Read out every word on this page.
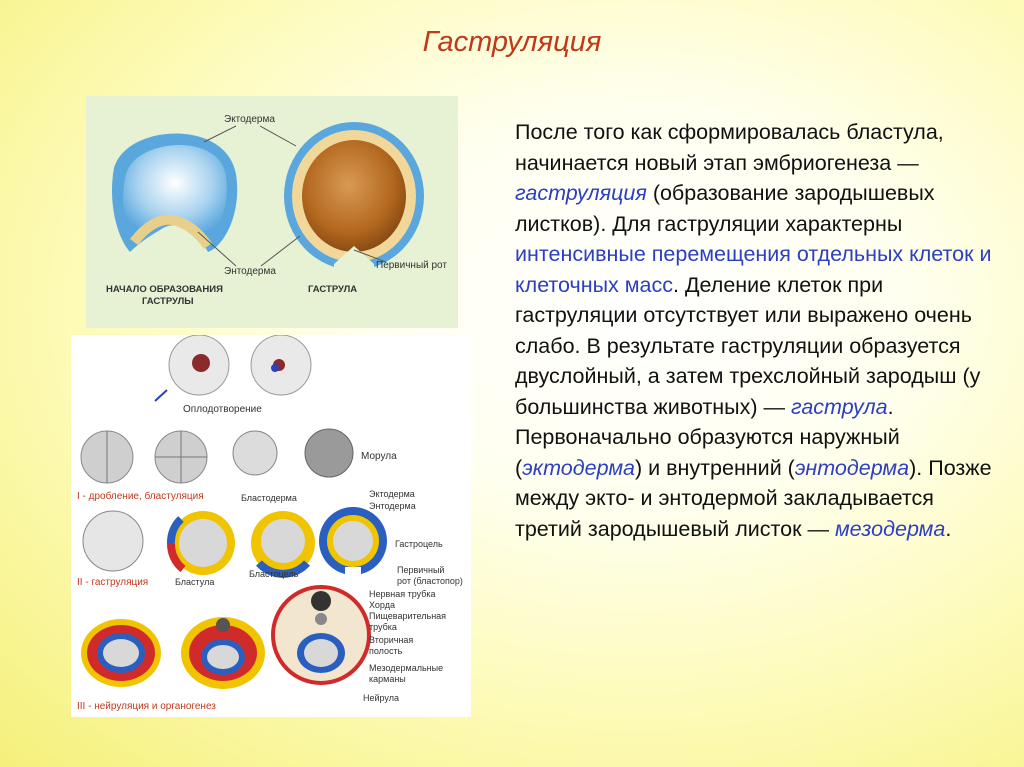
Гаструляция
Эктодерма
Энтодерма
Первичный рот
НАЧАЛО ОБРАЗОВАНИЯ
ГАСТРУЛЫ
ГАСТРУЛА
Оплодотворение
Морула
I - дробление, бластуляция	Бластодерма	Эктодерма
Энтодерма
Гастроцель
Первичный
рот (бластопор)
II - гаструляция	Бластула
Бластоцель
Нервная трубка
Хорда
Пищеварительная
трубка
Вторичная
полость
Мезодермальные
карманы
Нейрула
III - нейруляция и органогенез
После того как сформировалась бластула, начинается новый этап эмбриогенеза — гаструляция (образование зародышевых листков). Для гаструляции характерны интенсивные перемещения отдельных клеток и клеточных масс. Деление клеток при гаструляции отсутствует или выражено очень слабо. В результате гаструляции образуется двуслойный, а затем трехслойный зародыш (у большинства животных) — гаструла. Первоначально образуются наружный (эктодерма) и внутренний (энтодерма). Позже между экто- и энтодермой закладывается третий зародышевый листок — мезодерма.
